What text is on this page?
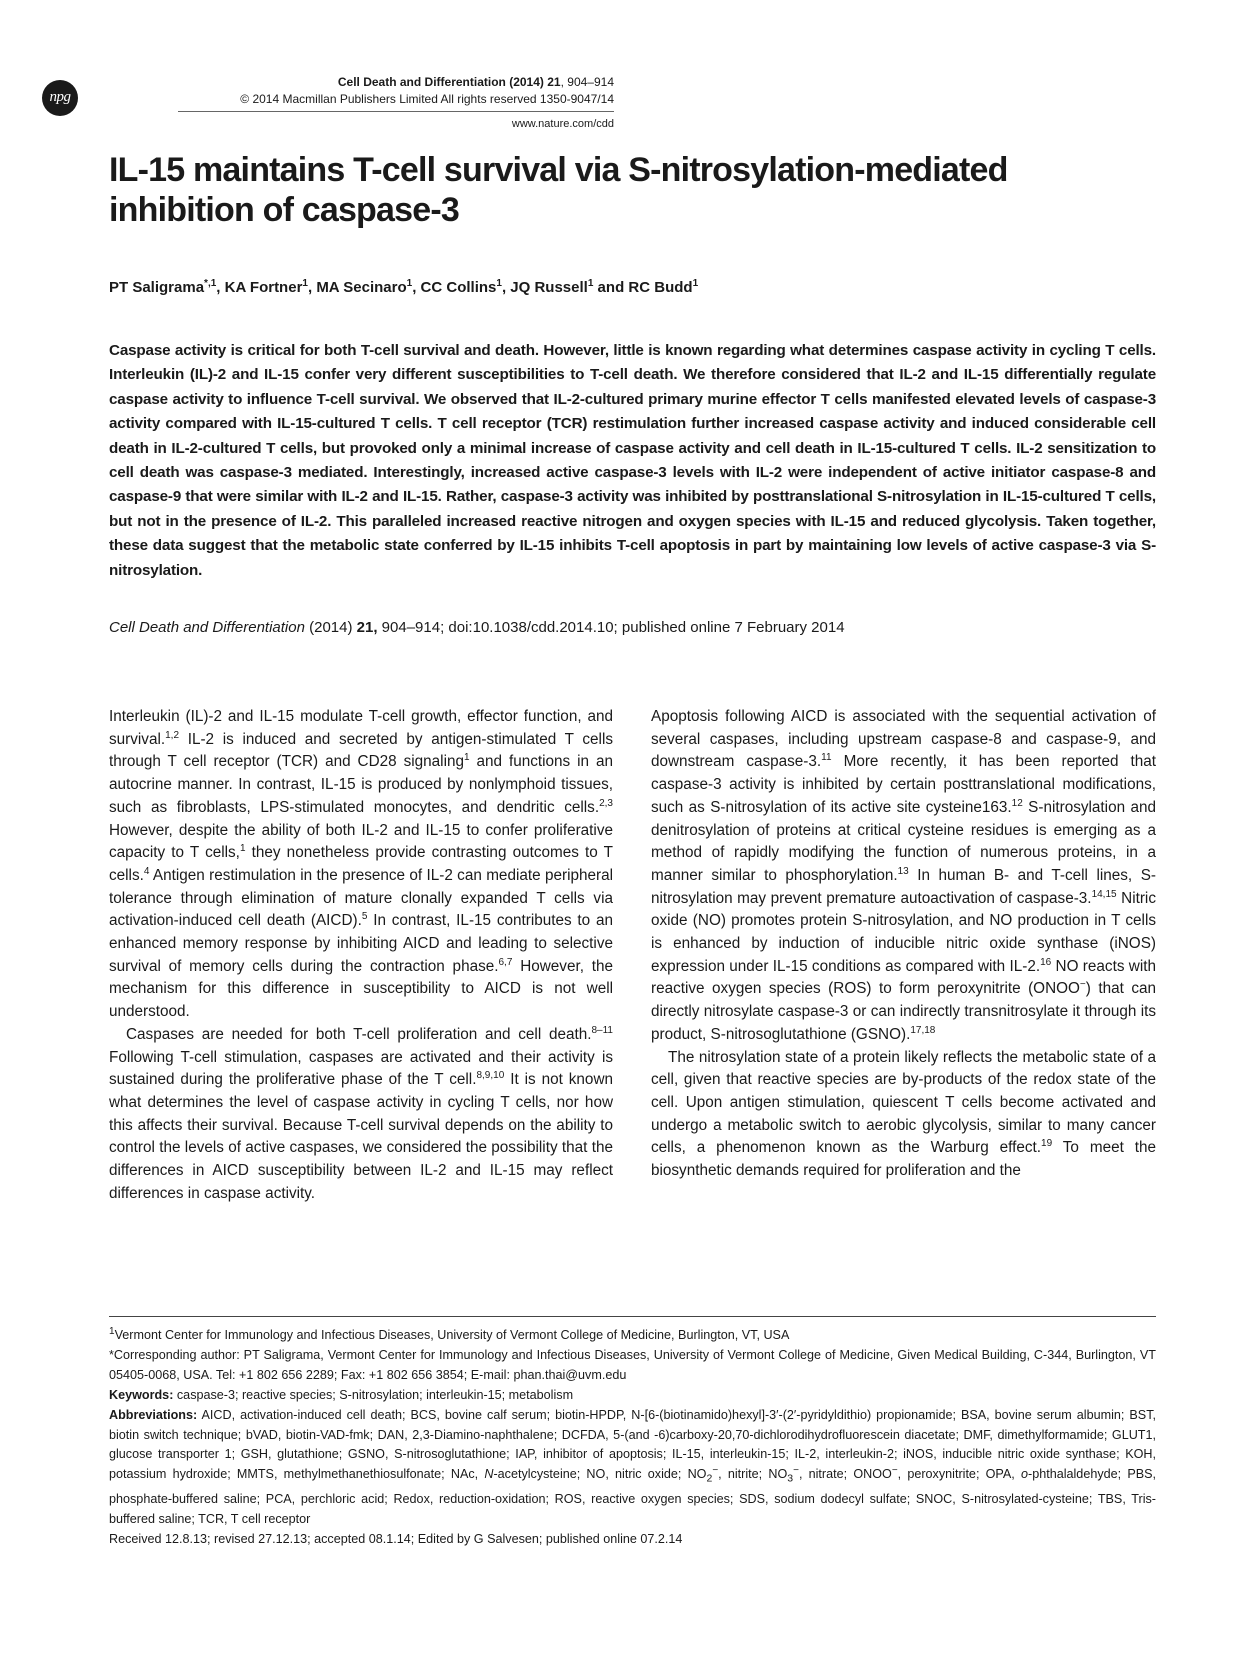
npg
Cell Death and Differentiation (2014) 21, 904–914
© 2014 Macmillan Publishers Limited All rights reserved 1350-9047/14
www.nature.com/cdd
IL-15 maintains T-cell survival via S-nitrosylation-mediated inhibition of caspase-3
PT Saligrama$^{*,1}$, KA Fortner$^1$, MA Secinaro$^1$, CC Collins$^1$, JQ Russell$^1$ and RC Budd$^1$

Caspase activity is critical for both T-cell survival and death. However, little is known regarding what determines caspase activity in cycling T cells. Interleukin (IL)-2 and IL-15 confer very different susceptibilities to T-cell death. We therefore considered that IL-2 and IL-15 differentially regulate caspase activity to influence T-cell survival. We observed that IL-2-cultured primary murine effector T cells manifested elevated levels of caspase-3 activity compared with IL-15-cultured T cells. T cell receptor (TCR) restimulation further increased caspase activity and induced considerable cell death in IL-2-cultured T cells, but provoked only a minimal increase of caspase activity and cell death in IL-15-cultured T cells. IL-2 sensitization to cell death was caspase-3 mediated. Interestingly, increased active caspase-3 levels with IL-2 were independent of active initiator caspase-8 and caspase-9 that were similar with IL-2 and IL-15. Rather, caspase-3 activity was inhibited by posttranslational S-nitrosylation in IL-15-cultured T cells, but not in the presence of IL-2. This paralleled increased reactive nitrogen and oxygen species with IL-15 and reduced glycolysis. Taken together, these data suggest that the metabolic state conferred by IL-15 inhibits T-cell apoptosis in part by maintaining low levels of active caspase-3 via S-nitrosylation.

Cell Death and Differentiation (2014) 21, 904–914; doi:10.1038/cdd.2014.10; published online 7 February 2014

Interleukin (IL)-2 and IL-15 modulate T-cell growth, effector function, and survival.$^{1,2}$ IL-2 is induced and secreted by antigen-stimulated T cells through T cell receptor (TCR) and CD28 signaling$^1$ and functions in an autocrine manner. In contrast, IL-15 is produced by nonlymphoid tissues, such as fibroblasts, LPS-stimulated monocytes, and dendritic cells.$^{2,3}$ However, despite the ability of both IL-2 and IL-15 to confer proliferative capacity to T cells,$^1$ they nonetheless provide contrasting outcomes to T cells.$^4$ Antigen restimulation in the presence of IL-2 can mediate peripheral tolerance through elimination of mature clonally expanded T cells via activation-induced cell death (AICD).$^5$ In contrast, IL-15 contributes to an enhanced memory response by inhibiting AICD and leading to selective survival of memory cells during the contraction phase.$^{6,7}$ However, the mechanism for this difference in susceptibility to AICD is not well understood.

Caspases are needed for both T-cell proliferation and cell death.$^{8-11}$ Following T-cell stimulation, caspases are activated and their activity is sustained during the proliferative phase of the T cell.$^{8,9,10}$ It is not known what determines the level of caspase activity in cycling T cells, nor how this affects their survival. Because T-cell survival depends on the ability to control the levels of active caspases, we considered the possibility that the differences in AICD susceptibility between IL-2 and IL-15 may reflect differences in caspase activity.

Apoptosis following AICD is associated with the sequential activation of several caspases, including upstream caspase-8 and caspase-9, and downstream caspase-3.11 More recently, it has been reported that caspase-3 activity is inhibited by certain posttranslational modifications, such as S-nitrosylation of its active site cysteine163.12 S-nitrosylation and denitrosylation of proteins at critical cysteine residues is emerging as a method of rapidly modifying the function of numerous proteins, in a manner similar to phosphorylation.$^{13}$ In human B- and T-cell lines, S-nitrosylation may prevent premature autoactivation of caspase-3.$^{14,15}$ Nitric oxide (NO) promotes protein S-nitrosylation, and NO production in T cells is enhanced by induction of inducible nitric oxide synthase (iNOS) expression under IL-15 conditions as compared with IL-2.16 NO reacts with reactive oxygen species (ROS) to form peroxynitrite (ONOO−) that can directly nitrosylate caspase-3 or can indirectly transnitrosylate it through its product, S-nitrosoglutathione (GSNO).$^{17,18}$

The nitrosylation state of a protein likely reflects the metabolic state of a cell, given that reactive species are by-products of the redox state of the cell. Upon antigen stimulation, quiescent T cells become activated and undergo a metabolic switch to aerobic glycolysis, similar to many cancer cells, a phenomenon known as the Warburg effect.$^{19}$ To meet the biosynthetic demands required for proliferation and the

$^1$Vermont Center for Immunology and Infectious Diseases, University of Vermont College of Medicine, Burlington, VT, USA

*Corresponding author: PT Saligrama, Vermont Center for Immunology and Infectious Diseases, University of Vermont College of Medicine, Given Medical Building, C-344, Burlington, VT 05405-0068, USA. Tel: +1 802 656 2289; Fax: +1 802 656 3854; E-mail: phan.thai@uvm.edu

Keywords: caspase-3; reactive species; S-nitrosylation; interleukin-15; metabolism

Abbreviations: AICD, activation-induced cell death; BCS, bovine calf serum; biotin-HPDP, N-[6-(biotinamido)hexyl]-3′-(2′-pyridyldithio) propionamide; BSA, bovine serum albumin; BST, biotin switch technique; bVAD, biotin-VAD-fmk; DAN, 2,3-Diamino-naphthalene; DCFDA, 5-(and -6)carboxy-20,70-dichlorodihydrofluorescein diacetate; DMF, dimethylformamide; GLUT1, glucose transporter 1; GSH, glutathione; GSNO, S-nitrosoglutathione; IAP, inhibitor of apoptosis; IL-15, interleukin-15; IL-2, interleukin-2; iNOS, inducible nitric oxide synthase; KOH, potassium hydroxide; MMTS, methylmethanethiosulfonate; NAc, N-acetylcysteine; NO, nitric oxide; $NO_2^-$, nitrite; $NO_3^-$, nitrate; ONOO−, peroxynitrite; OPA, o-phthalaldehyde; PBS, phosphate-buffered saline; PCA, perchloric acid; Redox, reduction-oxidation; ROS, reactive oxygen species; SDS, sodium dodecyl sulfate; SNOC, S-nitrosylated-cysteine; TBS, Tris-buffered saline; TCR, T cell receptor

Received 12.8.13; revised 27.12.13; accepted 08.1.14; Edited by G Salvesen; published online 07.2.14
